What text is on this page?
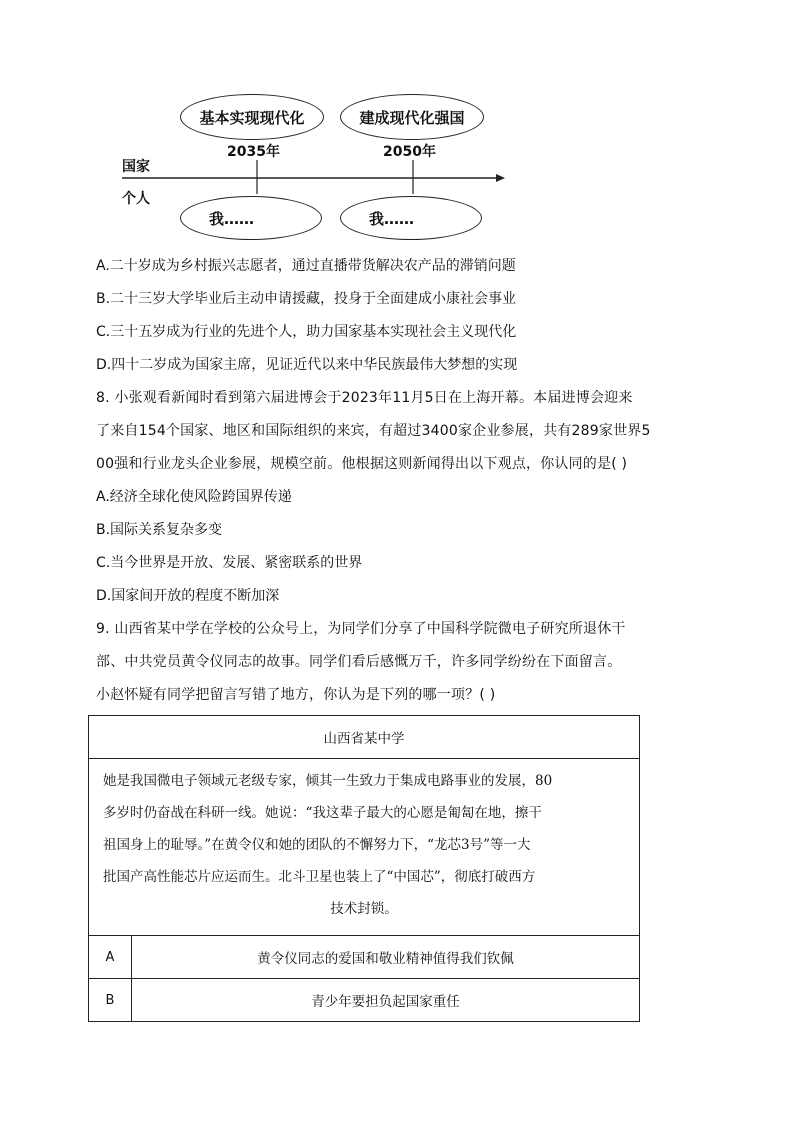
基本实现现代化	建成现代化强国
2035年	2050年
国家
个人
我……	我……
A.二十岁成为乡村振兴志愿者，通过直播带货解决农产品的滞销问题
B.二十三岁大学毕业后主动申请援藏，投身于全面建成小康社会事业
C.三十五岁成为行业的先进个人，助力国家基本实现社会主义现代化
D.四十二岁成为国家主席，见证近代以来中华民族最伟大梦想的实现
8. 小张观看新闻时看到第六届进博会于2023年11月5日在上海开幕。本届进博会迎来
了来自154个国家、地区和国际组织的来宾，有超过3400家企业参展，共有289家世界5
00强和行业龙头企业参展，规模空前。他根据这则新闻得出以下观点，你认同的是( )
A.经济全球化使风险跨国界传递
B.国际关系复杂多变
C.当今世界是开放、发展、紧密联系的世界
D.国家间开放的程度不断加深
9. 山西省某中学在学校的公众号上，为同学们分享了中国科学院微电子研究所退休干
部、中共党员黄令仪同志的故事。同学们看后感慨万千，许多同学纷纷在下面留言。
小赵怀疑有同学把留言写错了地方，你认为是下列的哪一项？( )
山西省某中学	

她是我国微电子领域元老级专家，倾其一生致力于集成电路事业的发展，80
多岁时仍奋战在科研一线。她说：“我这辈子最大的心愿是匍匐在地，擦干
祖国身上的耻辱。”在黄令仪和她的团队的不懈努力下，“龙芯3号”等一大
批国产高性能芯片应运而生。北斗卫星也装上了“中国芯”，彻底打破西方
技术封锁。	

A	黄令仪同志的爱国和敬业精神值得我们钦佩
B	青少年要担负起国家重任
